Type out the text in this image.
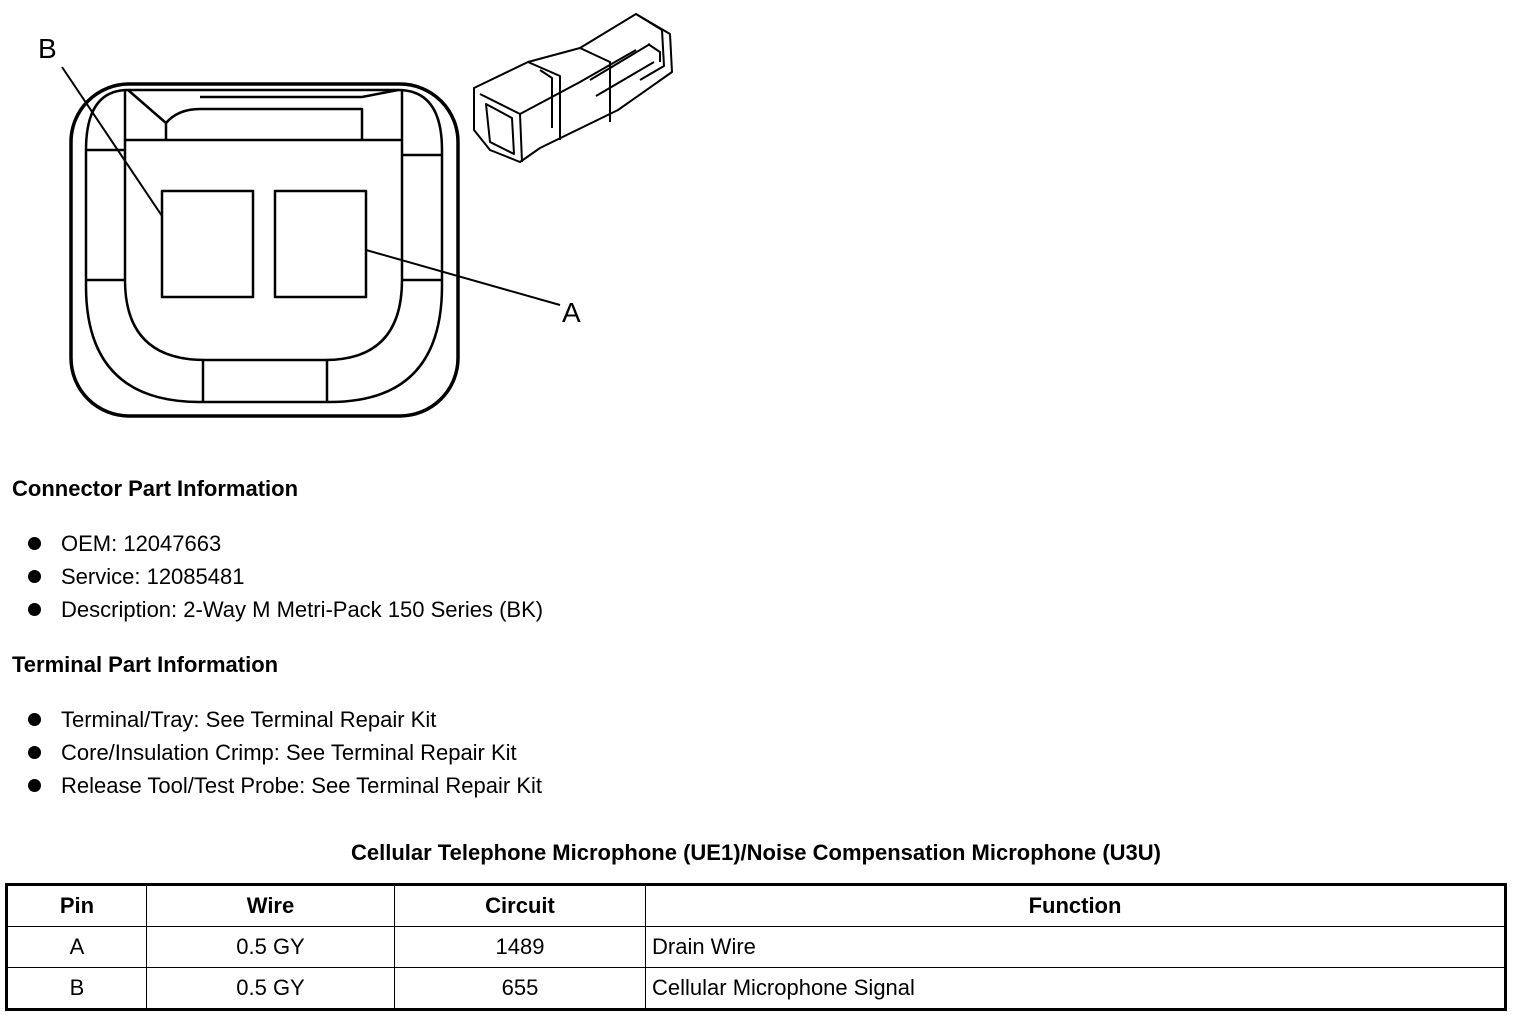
B
A
Connector Part Information
OEM: 12047663
Service: 12085481
Description: 2-Way M Metri-Pack 150 Series (BK)
Terminal Part Information
Terminal/Tray: See Terminal Repair Kit
Core/Insulation Crimp: See Terminal Repair Kit
Release Tool/Test Probe: See Terminal Repair Kit
Cellular Telephone Microphone (UE1)/Noise Compensation Microphone (U3U)
Pin	Wire	Circuit	Function
A	0.5 GY	1489	Drain Wire
B	0.5 GY	655	Cellular Microphone Signal
